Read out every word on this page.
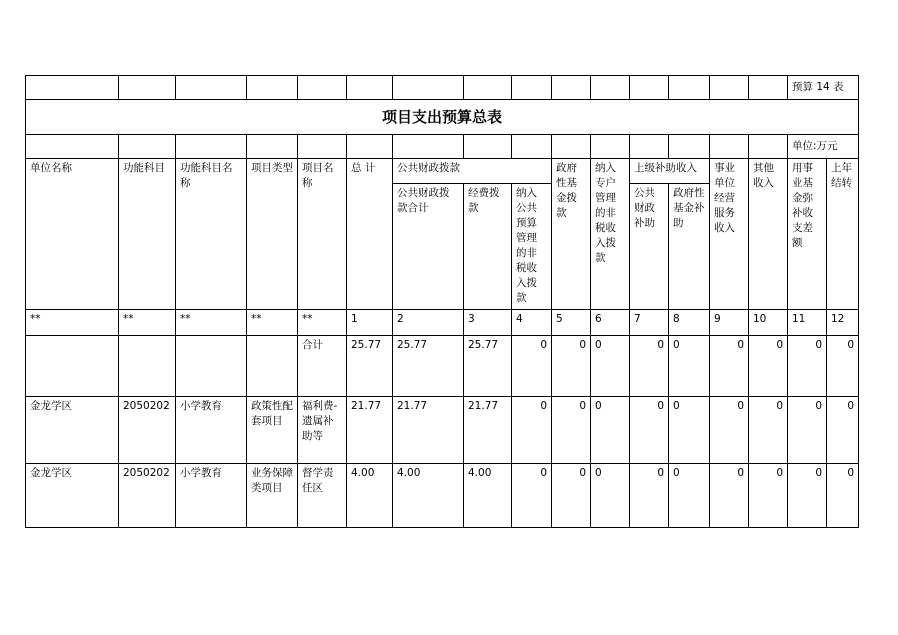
															预算 14 表	
项目支出预算总表																
															单位:万元	
单位名称	功能科目	功能科目名称	项目类型	项目名称	总 计	公共财政拨款			政府性基金拨款	纳入专户管理的非税收入拨款	上级补助收入		事业单位经营服务收入	其他收入	用事业基金弥补收支差额	上年结转
						公共财政拨款合计	经费拨款	纳入公共预算管理的非税收入拨款			公共财政补助	政府性基金补助				
**	**	**	**	**	1	2	3	4	5	6	7	8	9	10	11	12
				合计	25.77	25.77	25.77	0	0	0	0	0	0	0	0	0
金龙学区	2050202	小学教育	政策性配套项目	福利费-遗属补助等	21.77	21.77	21.77	0	0	0	0	0	0	0	0	0
金龙学区	2050202	小学教育	业务保障类项目	督学责任区	4.00	4.00	4.00	0	0	0	0	0	0	0	0	0
